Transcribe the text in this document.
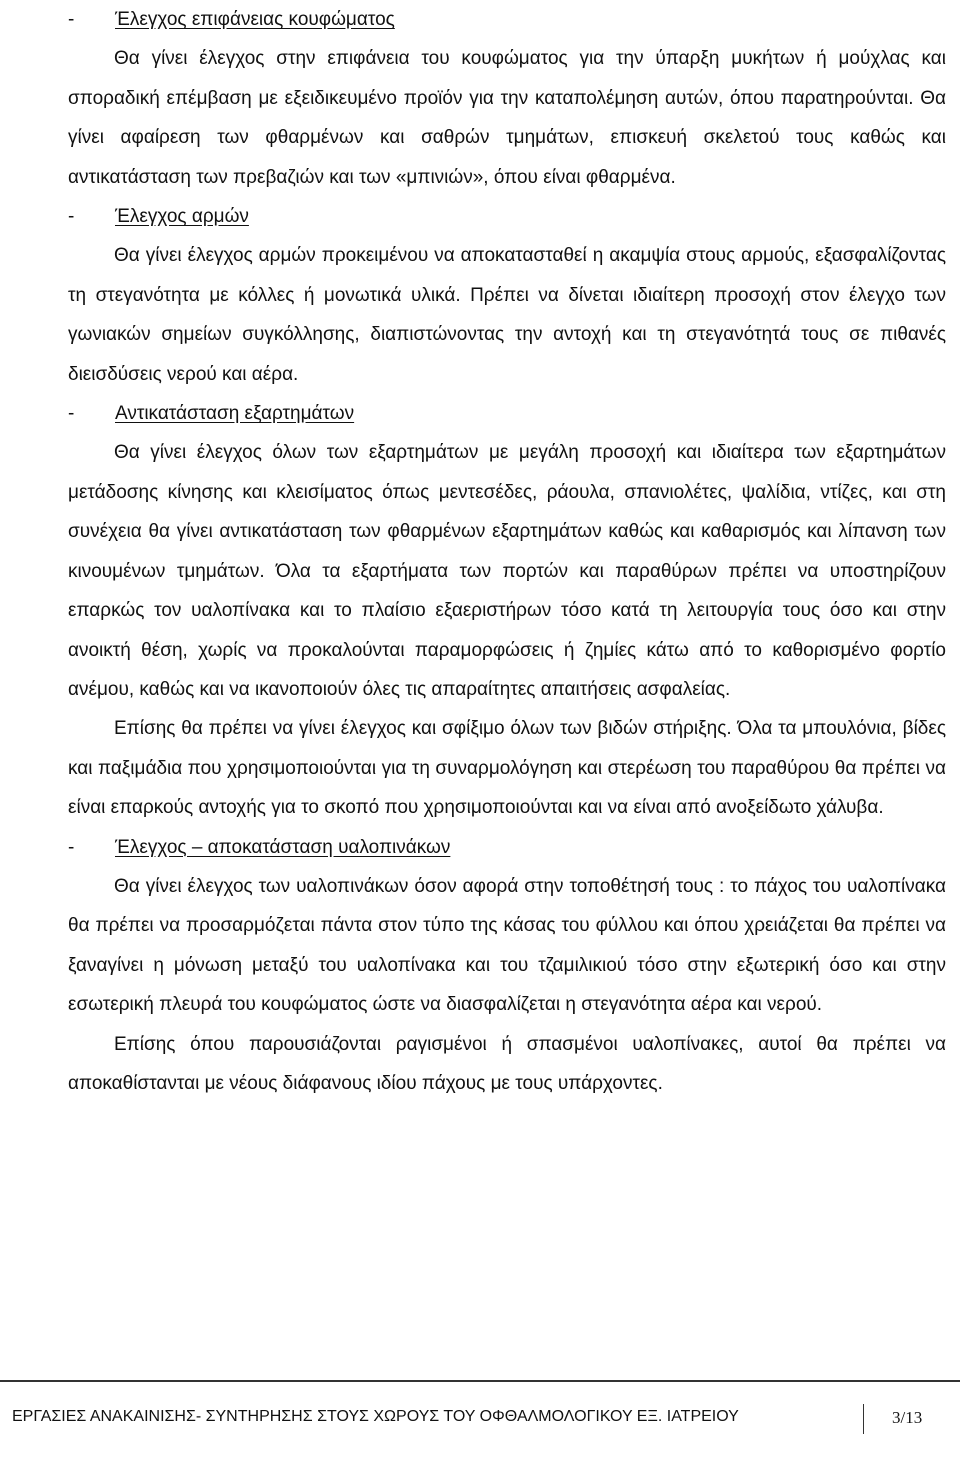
- Έλεγχος επιφάνειας κουφώματος

Θα γίνει έλεγχος στην επιφάνεια του κουφώματος για την ύπαρξη μυκήτων ή μούχλας και σποραδική επέμβαση με εξειδικευμένο προϊόν για την καταπολέμηση αυτών, όπου παρατηρούνται. Θα γίνει αφαίρεση των φθαρμένων και σαθρών τμημάτων, επισκευή σκελετού τους καθώς και αντικατάσταση των πρεβαζιών και των «μπινιών», όπου είναι φθαρμένα.

- Έλεγχος αρμών

Θα γίνει έλεγχος αρμών προκειμένου να αποκατασταθεί η ακαμψία στους αρμούς, εξασφαλίζοντας τη στεγανότητα με κόλλες ή μονωτικά υλικά. Πρέπει να δίνεται ιδιαίτερη προσοχή στον έλεγχο των γωνιακών σημείων συγκόλλησης, διαπιστώνοντας την αντοχή και τη στεγανότητά τους σε πιθανές διεισδύσεις νερού και αέρα.

- Αντικατάσταση εξαρτημάτων

Θα γίνει έλεγχος όλων των εξαρτημάτων με μεγάλη προσοχή και ιδιαίτερα των εξαρτημάτων μετάδοσης κίνησης και κλεισίματος όπως μεντεσέδες, ράουλα, σπανιολέτες, ψαλίδια, ντίζες, και στη συνέχεια θα γίνει αντικατάσταση των φθαρμένων εξαρτημάτων καθώς και καθαρισμός και λίπανση των κινουμένων τμημάτων. Όλα τα εξαρτήματα των πορτών και παραθύρων πρέπει να υποστηρίζουν επαρκώς τον υαλοπίνακα και το πλαίσιο εξαεριστήρων τόσο κατά τη λειτουργία τους όσο και στην ανοικτή θέση, χωρίς να προκαλούνται παραμορφώσεις ή ζημίες κάτω από το καθορισμένο φορτίο ανέμου, καθώς και να ικανοποιούν όλες τις απαραίτητες απαιτήσεις ασφαλείας.

Επίσης θα πρέπει να γίνει έλεγχος και σφίξιμο όλων των βιδών στήριξης. Όλα τα μπουλόνια, βίδες και παξιμάδια που χρησιμοποιούνται για τη συναρμολόγηση και στερέωση του παραθύρου θα πρέπει να είναι επαρκούς αντοχής για το σκοπό που χρησιμοποιούνται και να είναι από ανοξείδωτο χάλυβα.

- Έλεγχος – αποκατάσταση υαλοπινάκων

Θα γίνει έλεγχος των υαλοπινάκων όσον αφορά στην τοποθέτησή τους : το πάχος του υαλοπίνακα θα πρέπει να προσαρμόζεται πάντα στον τύπο της κάσας του φύλλου και όπου χρειάζεται θα πρέπει να ξαναγίνει η μόνωση μεταξύ του υαλοπίνακα και του τζαμιλικιού τόσο στην εξωτερική όσο και στην εσωτερική πλευρά του κουφώματος ώστε να διασφαλίζεται η στεγανότητα αέρα και νερού.

Επίσης όπου παρουσιάζονται ραγισμένοι ή σπασμένοι υαλοπίνακες, αυτοί θα πρέπει να αποκαθίστανται με νέους διάφανους ιδίου πάχους με τους υπάρχοντες.

ΕΡΓΑΣΙΕΣ ΑΝΑΚΑΙΝΙΣΗΣ- ΣΥΝΤΗΡΗΣΗΣ ΣΤΟΥΣ ΧΩΡΟΥΣ ΤΟΥ ΟΦΘΑΛΜΟΛΟΓΙΚΟΥ ΕΞ. ΙΑΤΡΕΙΟΥ	3/13
